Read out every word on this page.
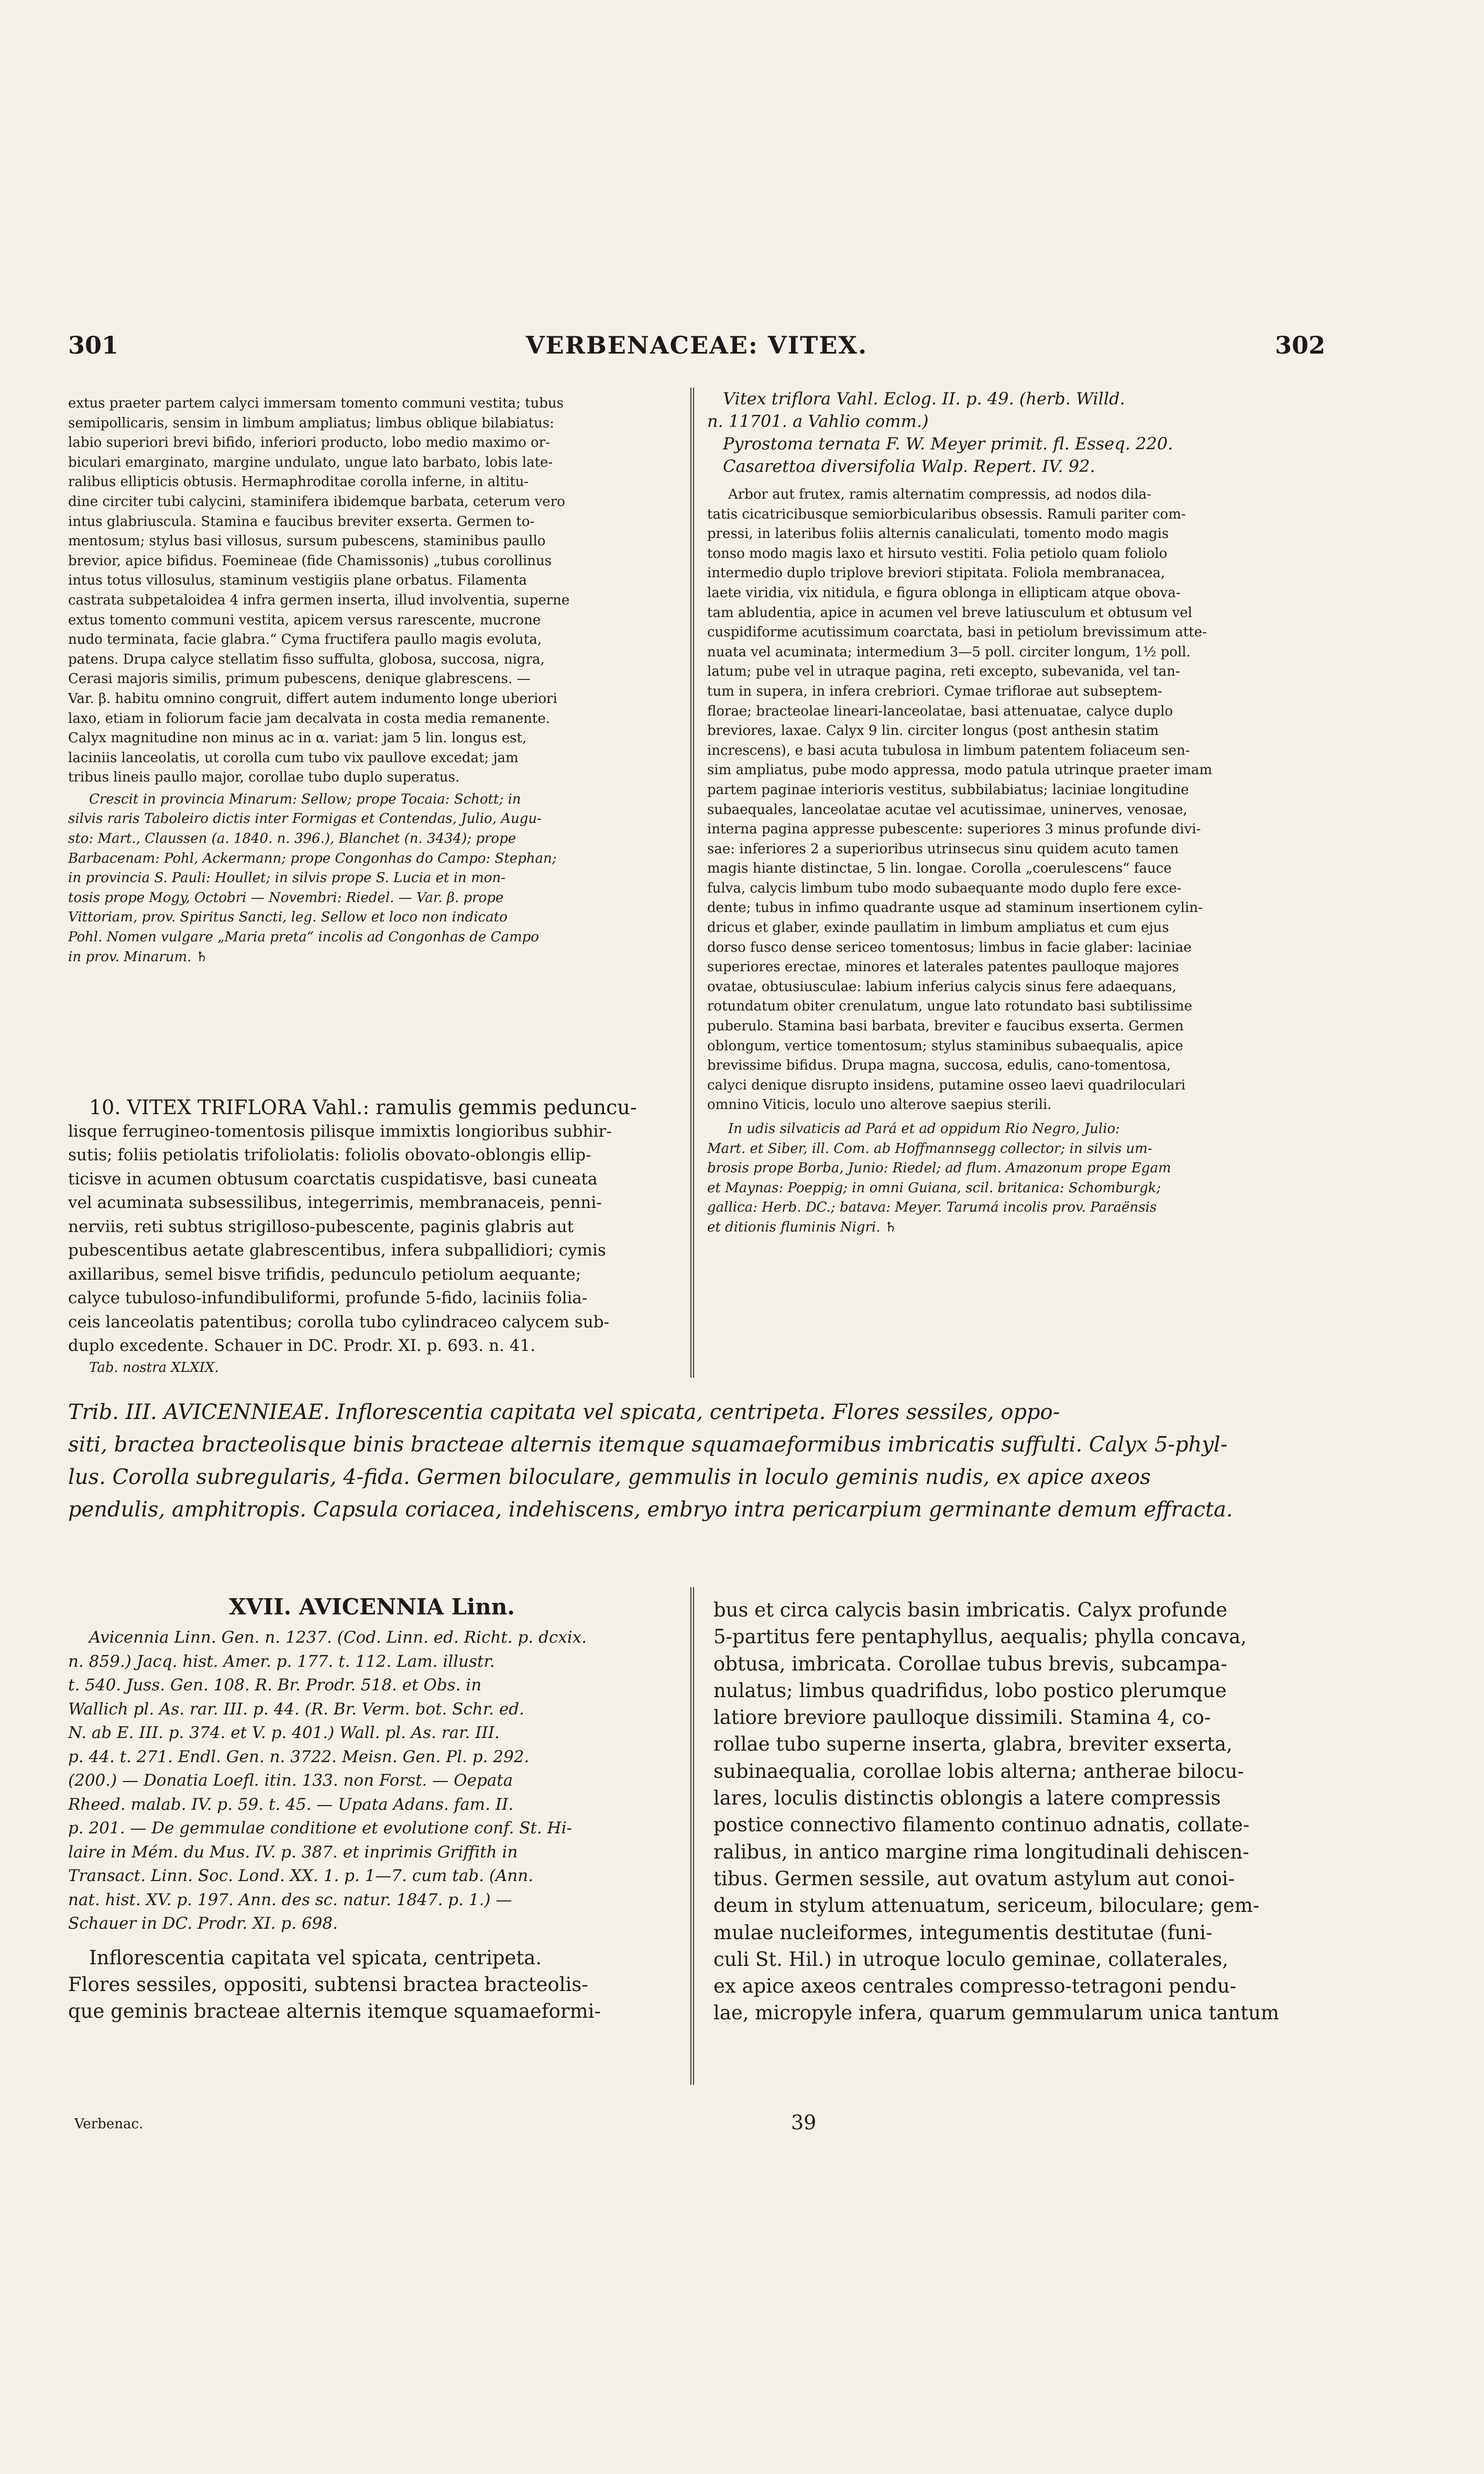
301	VERBENACEAE: VITEX.	302

extus praeter partem calyci immersam tomento communi vestita; tubus

semipollicaris, sensim in limbum ampliatus; limbus oblique bilabiatus:

labio superiori brevi bifido, inferiori producto, lobo medio maximo or-

biculari emarginato, margine undulato, ungue lato barbato, lobis late-

ralibus ellipticis obtusis. Hermaphroditae corolla inferne, in altitu-

dine circiter tubi calycini, staminifera ibidemque barbata, ceterum vero

intus glabriuscula. Stamina e faucibus breviter exserta. Germen to-

mentosum; stylus basi villosus, sursum pubescens, staminibus paullo

brevior, apice bifidus. Foemineae (fide Chamissonis) „tubus corollinus

intus totus villosulus, staminum vestigiis plane orbatus. Filamenta

castrata subpetaloidea 4 infra germen inserta, illud involventia, superne

extus tomento communi vestita, apicem versus rarescente, mucrone

nudo terminata, facie glabra.“ Cyma fructifera paullo magis evoluta,

patens. Drupa calyce stellatim fisso suffulta, globosa, succosa, nigra,

Cerasi majoris similis, primum pubescens, denique glabrescens. —

Var. β. habitu omnino congruit, differt autem indumento longe uberiori

laxo, etiam in foliorum facie jam decalvata in costa media remanente.

Calyx magnitudine non minus ac in α. variat: jam 5 lin. longus est,

laciniis lanceolatis, ut corolla cum tubo vix paullove excedat; jam

tribus lineis paullo major, corollae tubo duplo superatus.

Crescit in provincia Minarum: Sellow; prope Tocaia: Schott; in

silvis raris Taboleiro dictis inter Formigas et Contendas, Julio, Augu-

sto: Mart., Claussen (a. 1840. n. 396.), Blanchet (n. 3434); prope

Barbacenam: Pohl, Ackermann; prope Congonhas do Campo: Stephan;

in provincia S. Pauli: Houllet; in silvis prope S. Lucia et in mon-

tosis prope Mogy, Octobri — Novembri: Riedel. — Var. β. prope

Vittoriam, prov. Spiritus Sancti, leg. Sellow et loco non indicato

Pohl. Nomen vulgare „Maria preta“ incolis ad Congonhas de Campo

in prov. Minarum. ♄

10. VITEX TRIFLORA Vahl.: ramulis gemmis peduncu-

lisque ferrugineo-tomentosis pilisque immixtis longioribus subhir-

sutis; foliis petiolatis trifoliolatis: foliolis obovato-oblongis ellip-

ticisve in acumen obtusum coarctatis cuspidatisve, basi cuneata

vel acuminata subsessilibus, integerrimis, membranaceis, penni-

nerviis, reti subtus strigilloso-pubescente, paginis glabris aut

pubescentibus aetate glabrescentibus, infera subpallidiori; cymis

axillaribus, semel bisve trifidis, pedunculo petiolum aequante;

calyce tubuloso-infundibuliformi, profunde 5-fido, laciniis folia-

ceis lanceolatis patentibus; corolla tubo cylindraceo calycem sub-

duplo excedente. Schauer in DC. Prodr. XI. p. 693. n. 41.

Tab. nostra XLXIX.

Vitex triflora Vahl. Eclog. II. p. 49. (herb. Willd.

n. 11701. a Vahlio comm.)

Pyrostoma ternata F. W. Meyer primit. fl. Esseq. 220.

Casarettoa diversifolia Walp. Repert. IV. 92.

Arbor aut frutex, ramis alternatim compressis, ad nodos dila-

tatis cicatricibusque semiorbicularibus obsessis. Ramuli pariter com-

pressi, in lateribus foliis alternis canaliculati, tomento modo magis

tonso modo magis laxo et hirsuto vestiti. Folia petiolo quam foliolo

intermedio duplo triplove breviori stipitata. Foliola membranacea,

laete viridia, vix nitidula, e figura oblonga in ellipticam atque obova-

tam abludentia, apice in acumen vel breve latiusculum et obtusum vel

cuspidiforme acutissimum coarctata, basi in petiolum brevissimum atte-

nuata vel acuminata; intermedium 3—5 poll. circiter longum, 1½ poll.

latum; pube vel in utraque pagina, reti excepto, subevanida, vel tan-

tum in supera, in infera crebriori. Cymae triflorae aut subseptem-

florae; bracteolae lineari-lanceolatae, basi attenuatae, calyce duplo

breviores, laxae. Calyx 9 lin. circiter longus (post anthesin statim

increscens), e basi acuta tubulosa in limbum patentem foliaceum sen-

sim ampliatus, pube modo appressa, modo patula utrinque praeter imam

partem paginae interioris vestitus, subbilabiatus; laciniae longitudine

subaequales, lanceolatae acutae vel acutissimae, uninerves, venosae,

interna pagina appresse pubescente: superiores 3 minus profunde divi-

sae: inferiores 2 a superioribus utrinsecus sinu quidem acuto tamen

magis hiante distinctae, 5 lin. longae. Corolla „coerulescens“ fauce

fulva, calycis limbum tubo modo subaequante modo duplo fere exce-

dente; tubus in infimo quadrante usque ad staminum insertionem cylin-

dricus et glaber, exinde paullatim in limbum ampliatus et cum ejus

dorso fusco dense sericeo tomentosus; limbus in facie glaber: laciniae

superiores erectae, minores et laterales patentes paulloque majores

ovatae, obtusiusculae: labium inferius calycis sinus fere adaequans,

rotundatum obiter crenulatum, ungue lato rotundato basi subtilissime

puberulo. Stamina basi barbata, breviter e faucibus exserta. Germen

oblongum, vertice tomentosum; stylus staminibus subaequalis, apice

brevissime bifidus. Drupa magna, succosa, edulis, cano-tomentosa,

calyci denique disrupto insidens, putamine osseo laevi quadriloculari

omnino Viticis, loculo uno alterove saepius sterili.

In udis silvaticis ad Pará et ad oppidum Rio Negro, Julio:

Mart. et Siber, ill. Com. ab Hoffmannsegg collector; in silvis um-

brosis prope Borba, Junio: Riedel; ad flum. Amazonum prope Egam

et Maynas: Poeppig; in omni Guiana, scil. britanica: Schomburgk;

gallica: Herb. DC.; batava: Meyer. Tarumá incolis prov. Paraënsis

et ditionis fluminis Nigri. ♄

Trib. III. AVICENNIEAE. Inflorescentia capitata vel spicata, centripeta. Flores sessiles, oppo-

siti, bractea bracteolisque binis bracteae alternis itemque squamaeformibus imbricatis suffulti. Calyx 5-phyl-

lus. Corolla subregularis, 4-fida. Germen biloculare, gemmulis in loculo geminis nudis, ex apice axeos

pendulis, amphitropis. Capsula coriacea, indehiscens, embryo intra pericarpium germinante demum effracta.

XVII. AVICENNIA Linn.

Avicennia Linn. Gen. n. 1237. (Cod. Linn. ed. Richt. p. dcxix.

n. 859.) Jacq. hist. Amer. p. 177. t. 112. Lam. illustr.

t. 540. Juss. Gen. 108. R. Br. Prodr. 518. et Obs. in

Wallich pl. As. rar. III. p. 44. (R. Br. Verm. bot. Schr. ed.

N. ab E. III. p. 374. et V. p. 401.) Wall. pl. As. rar. III.

p. 44. t. 271. Endl. Gen. n. 3722. Meisn. Gen. Pl. p. 292.

(200.) — Donatia Loefl. itin. 133. non Forst. — Oepata

Rheed. malab. IV. p. 59. t. 45. — Upata Adans. fam. II.

p. 201. — De gemmulae conditione et evolutione conf. St. Hi-

laire in Mém. du Mus. IV. p. 387. et inprimis Griffith in

Transact. Linn. Soc. Lond. XX. 1. p. 1—7. cum tab. (Ann.

nat. hist. XV. p. 197. Ann. des sc. natur. 1847. p. 1.) —

Schauer in DC. Prodr. XI. p. 698.

Inflorescentia capitata vel spicata, centripeta.

Flores sessiles, oppositi, subtensi bractea bracteolis-

que geminis bracteae alternis itemque squamaeformi-

bus et circa calycis basin imbricatis. Calyx profunde

5-partitus fere pentaphyllus, aequalis; phylla concava,

obtusa, imbricata. Corollae tubus brevis, subcampa-

nulatus; limbus quadrifidus, lobo postico plerumque

latiore breviore paulloque dissimili. Stamina 4, co-

rollae tubo superne inserta, glabra, breviter exserta,

subinaequalia, corollae lobis alterna; antherae bilocu-

lares, loculis distinctis oblongis a latere compressis

postice connectivo filamento continuo adnatis, collate-

ralibus, in antico margine rima longitudinali dehiscen-

tibus. Germen sessile, aut ovatum astylum aut conoi-

deum in stylum attenuatum, sericeum, biloculare; gem-

mulae nucleiformes, integumentis destitutae (funi-

culi St. Hil.) in utroque loculo geminae, collaterales,

ex apice axeos centrales compresso-tetragoni pendu-

lae, micropyle infera, quarum gemmularum unica tantum

Verbenac.	39
